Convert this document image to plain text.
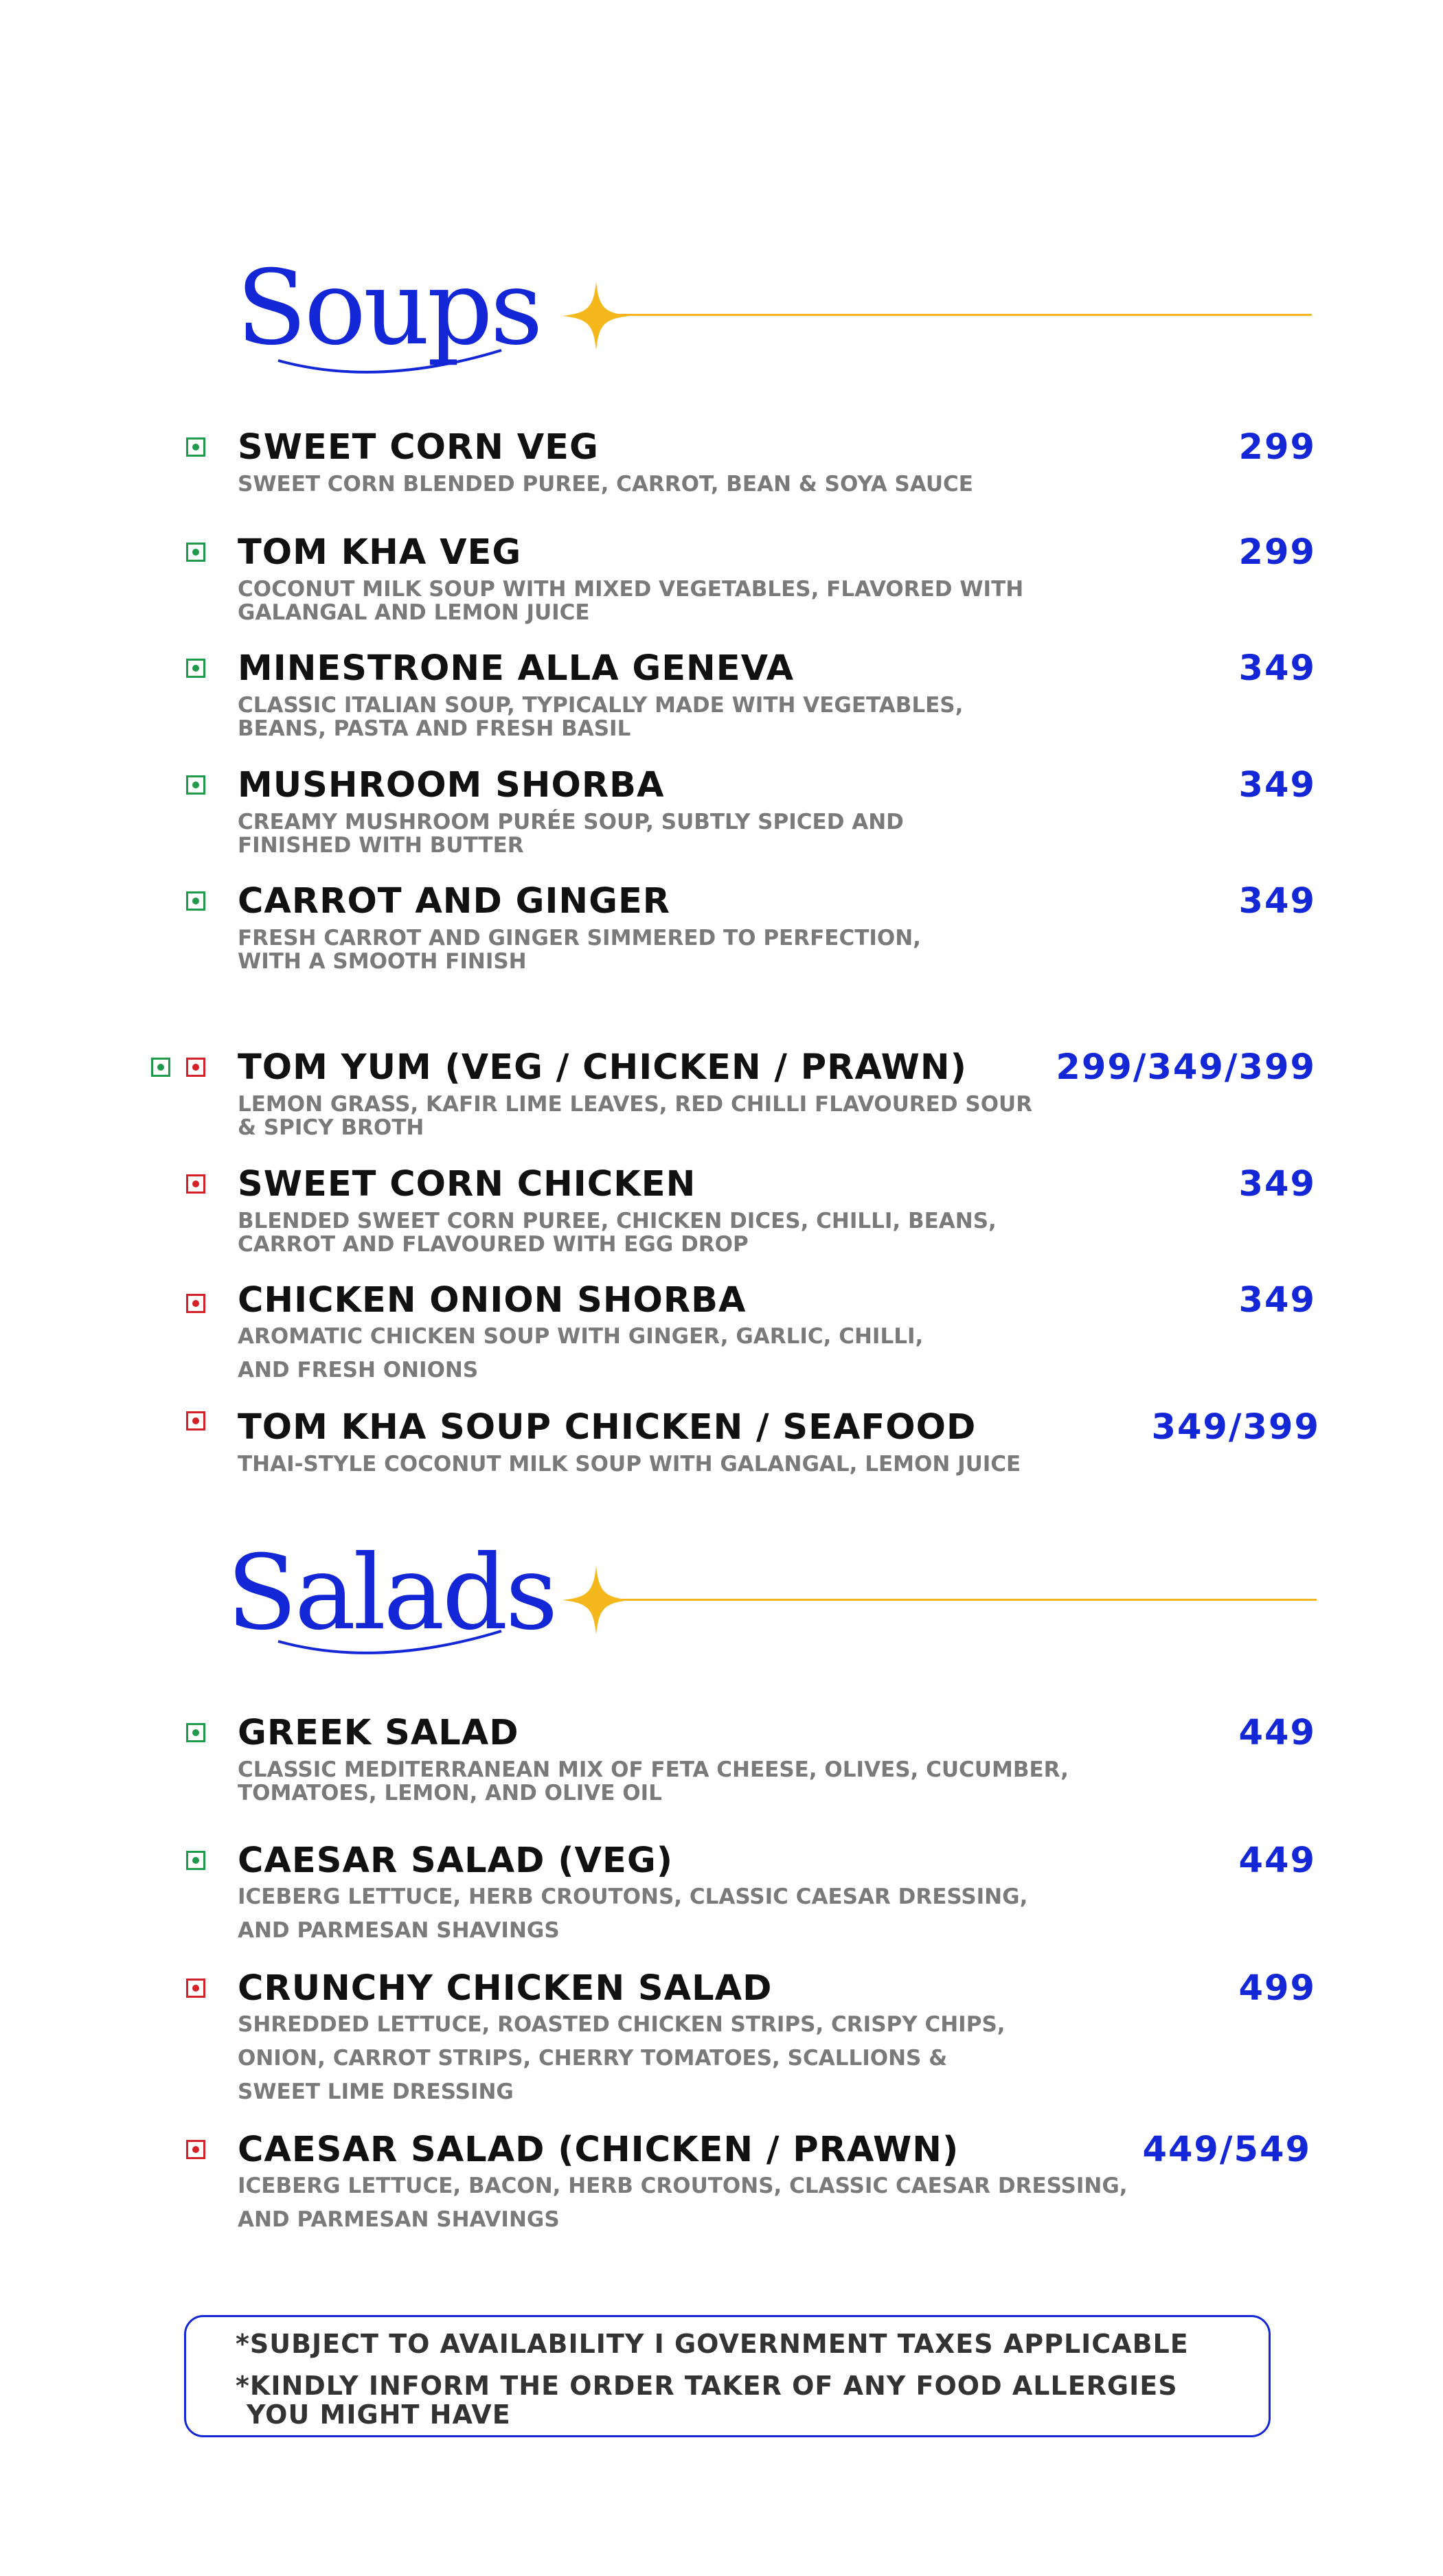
Soups
SWEET CORN VEG	299
SWEET CORN BLENDED PUREE, CARROT, BEAN & SOYA SAUCE
TOM KHA VEG	299
COCONUT MILK SOUP WITH MIXED VEGETABLES, FLAVORED WITH
GALANGAL AND LEMON JUICE
MINESTRONE ALLA GENEVA	349
CLASSIC ITALIAN SOUP, TYPICALLY MADE WITH VEGETABLES,
BEANS, PASTA AND FRESH BASIL
MUSHROOM SHORBA	349
CREAMY MUSHROOM PURÉE SOUP, SUBTLY SPICED AND
FINISHED WITH BUTTER
CARROT AND GINGER	349
FRESH CARROT AND GINGER SIMMERED TO PERFECTION,
WITH A SMOOTH FINISH
TOM YUM (VEG / CHICKEN / PRAWN)	299/349/399
LEMON GRASS, KAFIR LIME LEAVES, RED CHILLI FLAVOURED SOUR
& SPICY BROTH
SWEET CORN CHICKEN	349
BLENDED SWEET CORN PUREE, CHICKEN DICES, CHILLI, BEANS,
CARROT AND FLAVOURED WITH EGG DROP
CHICKEN ONION SHORBA	349
AROMATIC CHICKEN SOUP WITH GINGER, GARLIC, CHILLI,
AND FRESH ONIONS
TOM KHA SOUP CHICKEN / SEAFOOD	349/399
THAI-STYLE COCONUT MILK SOUP WITH GALANGAL, LEMON JUICE
Salads
GREEK SALAD	449
CLASSIC MEDITERRANEAN MIX OF FETA CHEESE, OLIVES, CUCUMBER,
TOMATOES, LEMON, AND OLIVE OIL
CAESAR SALAD (VEG)	449
ICEBERG LETTUCE, HERB CROUTONS, CLASSIC CAESAR DRESSING,
AND PARMESAN SHAVINGS
CRUNCHY CHICKEN SALAD	499
SHREDDED LETTUCE, ROASTED CHICKEN STRIPS, CRISPY CHIPS,
ONION, CARROT STRIPS, CHERRY TOMATOES, SCALLIONS &
SWEET LIME DRESSING
CAESAR SALAD (CHICKEN / PRAWN)	449/549
ICEBERG LETTUCE, BACON, HERB CROUTONS, CLASSIC CAESAR DRESSING,
AND PARMESAN SHAVINGS
*SUBJECT TO AVAILABILITY I GOVERNMENT TAXES APPLICABLE
*KINDLY INFORM THE ORDER TAKER OF ANY FOOD ALLERGIES
YOU MIGHT HAVE
